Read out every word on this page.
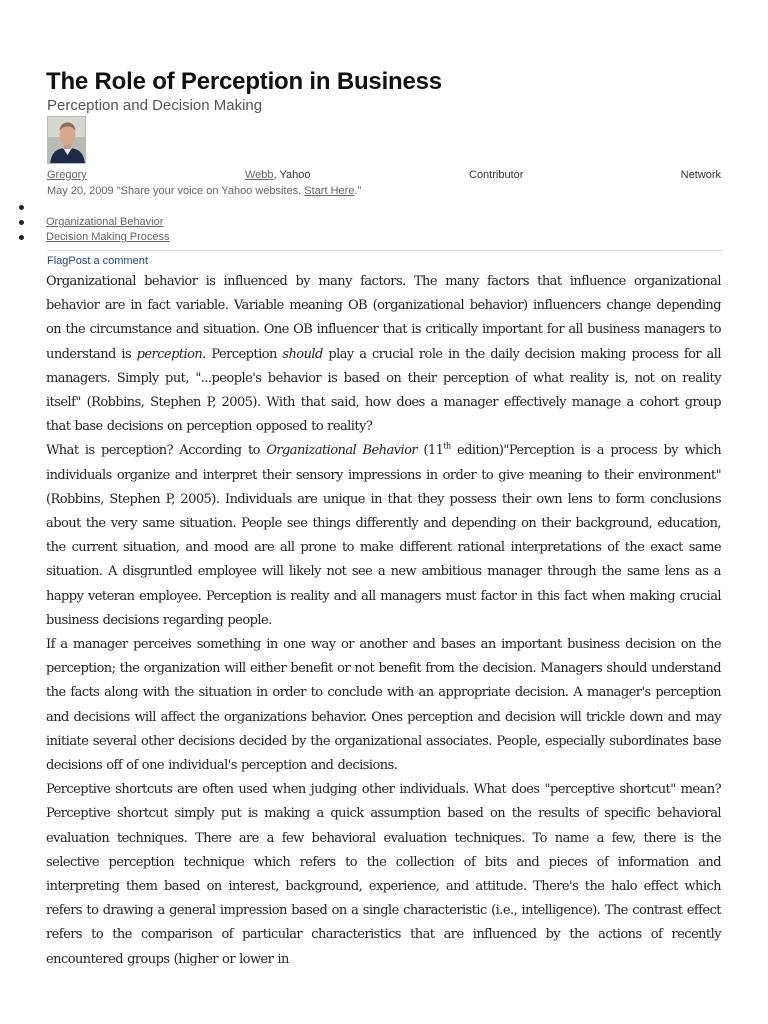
The Role of Perception in Business
Perception and Decision Making
Gregory	Webb, Yahoo	Contributor	Network
May 20, 2009 "Share your voice on Yahoo websites. Start Here."
Organizational Behavior
Decision Making Process
FlagPost a comment

Organizational behavior is influenced by many factors. The many factors that influence organizational behavior are in fact variable. Variable meaning OB (organizational behavior) influencers change depending on the circumstance and situation. One OB influencer that is critically important for all business managers to understand is perception. Perception should play a crucial role in the daily decision making process for all managers. Simply put, "...people's behavior is based on their perception of what reality is, not on reality itself" (Robbins, Stephen P, 2005). With that said, how does a manager effectively manage a cohort group that base decisions on perception opposed to reality?

What is perception? According to Organizational Behavior (11th edition)"Perception is a process by which individuals organize and interpret their sensory impressions in order to give meaning to their environment" (Robbins, Stephen P, 2005). Individuals are unique in that they possess their own lens to form conclusions about the very same situation. People see things differently and depending on their background, education, the current situation, and mood are all prone to make different rational interpretations of the exact same situation. A disgruntled employee will likely not see a new ambitious manager through the same lens as a happy veteran employee. Perception is reality and all managers must factor in this fact when making crucial business decisions regarding people.

If a manager perceives something in one way or another and bases an important business decision on the perception; the organization will either benefit or not benefit from the decision. Managers should understand the facts along with the situation in order to conclude with an appropriate decision. A manager's perception and decisions will affect the organizations behavior. Ones perception and decision will trickle down and may initiate several other decisions decided by the organizational associates. People, especially subordinates base decisions off of one individual's perception and decisions.

Perceptive shortcuts are often used when judging other individuals. What does "perceptive shortcut" mean? Perceptive shortcut simply put is making a quick assumption based on the results of specific behavioral evaluation techniques. There are a few behavioral evaluation techniques. To name a few, there is the selective perception technique which refers to the collection of bits and pieces of information and interpreting them based on interest, background, experience, and attitude. There's the halo effect which refers to drawing a general impression based on a single characteristic (i.e., intelligence). The contrast effect refers to the comparison of particular characteristics that are influenced by the actions of recently encountered groups (higher or lower in
